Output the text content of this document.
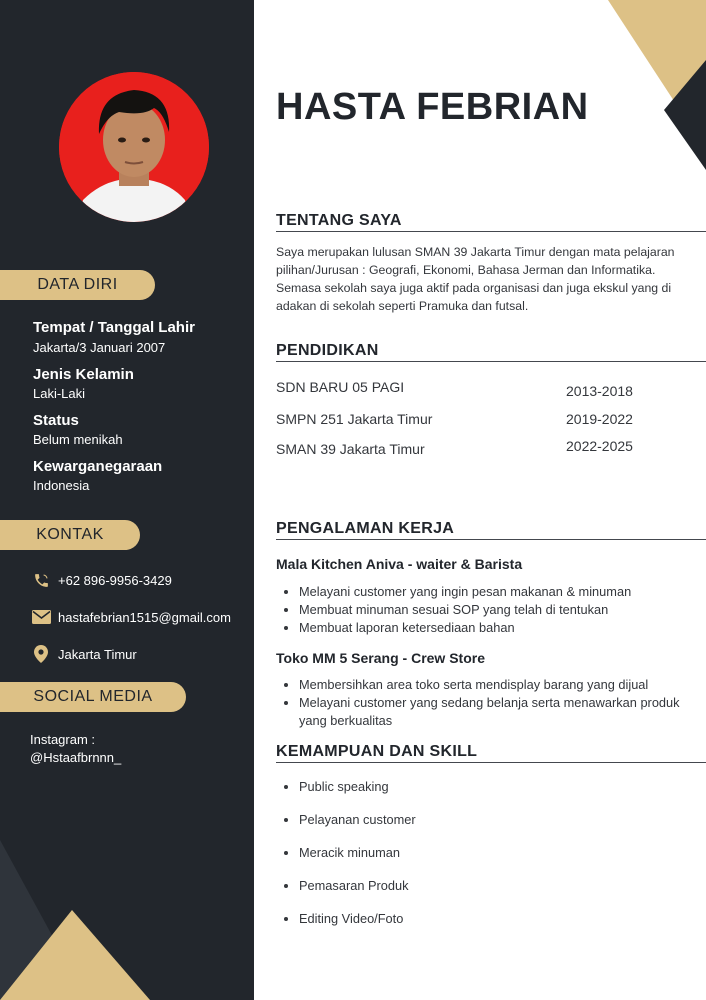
DATA DIRI
Tempat / Tanggal Lahir
Jakarta/3 Januari 2007
Jenis Kelamin
Laki-Laki
Status
Belum menikah
Kewarganegaraan
Indonesia
KONTAK
+62 896-9956-3429
hastafebrian1515@gmail.com
Jakarta Timur
SOCIAL MEDIA
Instagram :
@Hstaafbrnnn_
HASTA FEBRIAN
TENTANG SAYA
Saya merupakan lulusan SMAN 39 Jakarta Timur dengan mata pelajaran pilihan/Jurusan : Geografi, Ekonomi, Bahasa Jerman dan Informatika. Semasa sekolah saya juga aktif pada organisasi dan juga ekskul yang di adakan di sekolah seperti Pramuka dan futsal.
PENDIDIKAN
SDN BARU 05 PAGI	2013-2018
SMPN 251 Jakarta Timur	2019-2022
SMAN 39 Jakarta Timur	2022-2025
PENGALAMAN KERJA
Mala Kitchen Aniva - waiter & Barista
• Melayani customer yang ingin pesan makanan & minuman
• Membuat minuman sesuai SOP yang telah di tentukan
• Membuat laporan ketersediaan bahan
Toko MM 5 Serang - Crew Store
• Membersihkan area toko serta mendisplay barang yang dijual
• Melayani customer yang sedang belanja serta menawarkan produk yang berkualitas
KEMAMPUAN DAN SKILL
• Public speaking
• Pelayanan customer
• Meracik minuman
• Pemasaran Produk
• Editing Video/Foto
